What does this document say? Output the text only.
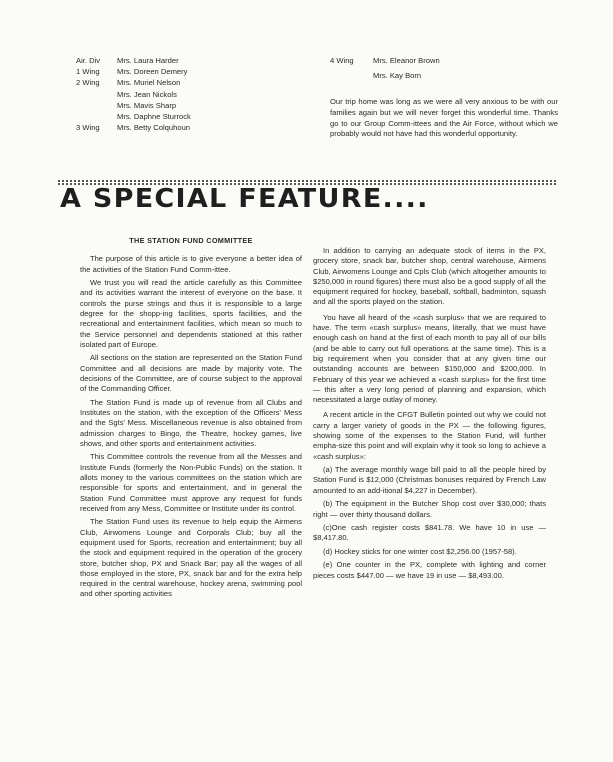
Air. Div	Mrs. Laura Harder
1 Wing	Mrs. Doreen Demery
2 Wing	Mrs. Muriel Nelson
Mrs. Jean Nickols
Mrs. Mavis Sharp
Mrs. Daphne Sturrock
3 Wing	Mrs. Betty Colquhoun
4 Wing	Mrs. Eleanor Brown
Mrs. Kay Born

Our trip home was long as we were all very anxious to be with our families again but we will never forget this wonderful time. Thanks go to our Group Comm-ittees and the Air Force, without which we probably would not have had this wonderful opportunity.

A SPECIAL FEATURE....

THE STATION FUND COMMITTEE

The purpose of this article is to give everyone a better idea of the activities of the Station Fund Comm-ittee.

We trust you will read the article carefully as this Committee and its activities warrant the interest of everyone on the base. It controls the purse strings and thus it is responsible to a large degree for the shopp-ing facilities, sports facilities, and the recreational and entertainment facilities, which mean so much to the Service personnel and dependents stationed at this rather isolated part of Europe.

All sections on the station are represented on the Station Fund Committee and all decisions are made by majority vote. The decisions of the Committee, are of course subject to the approval of the Commanding Officer.

The Station Fund is made up of revenue from all Clubs and Institutes on the station, with the exception of the Officers' Mess and the Sgts' Mess. Miscellaneous revenue is also obtained from admission charges to Bingo, the Theatre, hockey games, live shows, and other sports and entertainment activities.

This Committee controls the revenue from all the Messes and Institute Funds (formerly the Non-Public Funds) on the station. It allots money to the various committees on the station which are responsible for sports and entertainment, and in general the Station Fund Committee must approve any request for funds received from any Mess, Committee or Institute under its control.

The Station Fund uses its revenue to help equip the Airmens Club, Airwomens Lounge and Corporals Club; buy all the equipment used for Sports, recreation and entertainment; buy all the stock and equipment required in the operation of the grocery store, butcher shop, PX and Snack Bar; pay all the wages of all those employed in the store, PX, snack bar and for the extra help required in the central warehouse, hockey arena, swimming pool and other sporting activities

In addition to carrying an adequate stock of items in the PX, grocery store, snack bar, butcher shop, central warehouse, Airmens Club, Airwomens Lounge and Cpls Club (which altogether amounts to $250,000 in round figures) there must also be a good supply of all the equipment required for hockey, baseball, softball, badminton, squash and all the sports played on the station.

You have all heard of the «cash surplus» that we are required to have. The term «cash surplus» means, literally, that we must have enough cash on hand at the first of each month to pay all of our bills (and be able to carry out full operations at the same time). This is a big requirement when you consider that at any given time our outstanding accounts are between $150,000 and $200,000. In February of this year we achieved a «cash surplus» for the first time — this after a very long period of planning and expansion, which necessitated a large outlay of money.

A recent article in the CFGT Bulletin pointed out why we could not carry a larger variety of goods in the PX — the following figures, showing some of the expenses to the Station Fund, will further empha-size this point and will explain why it took so long to achieve a «cash surplus»:

(a) The average monthly wage bill paid to all the people hired by Station Fund is $12,000 (Christmas bonuses required by French Law amounted to an add-itional $4,227 in December).

(b) The equipment in the Butcher Shop cost over $30,000; thats right — over thirty thousand dollars.

(c)One cash register costs $841.78. We have 10 in use — $8,417.80.

(d) Hockey sticks for one winter cost $2,256.00 (1957-58).

(e) One counter in the PX, complete with lighting and corner pieces costs $447.00 — we have 19 in use — $8,493.00.
